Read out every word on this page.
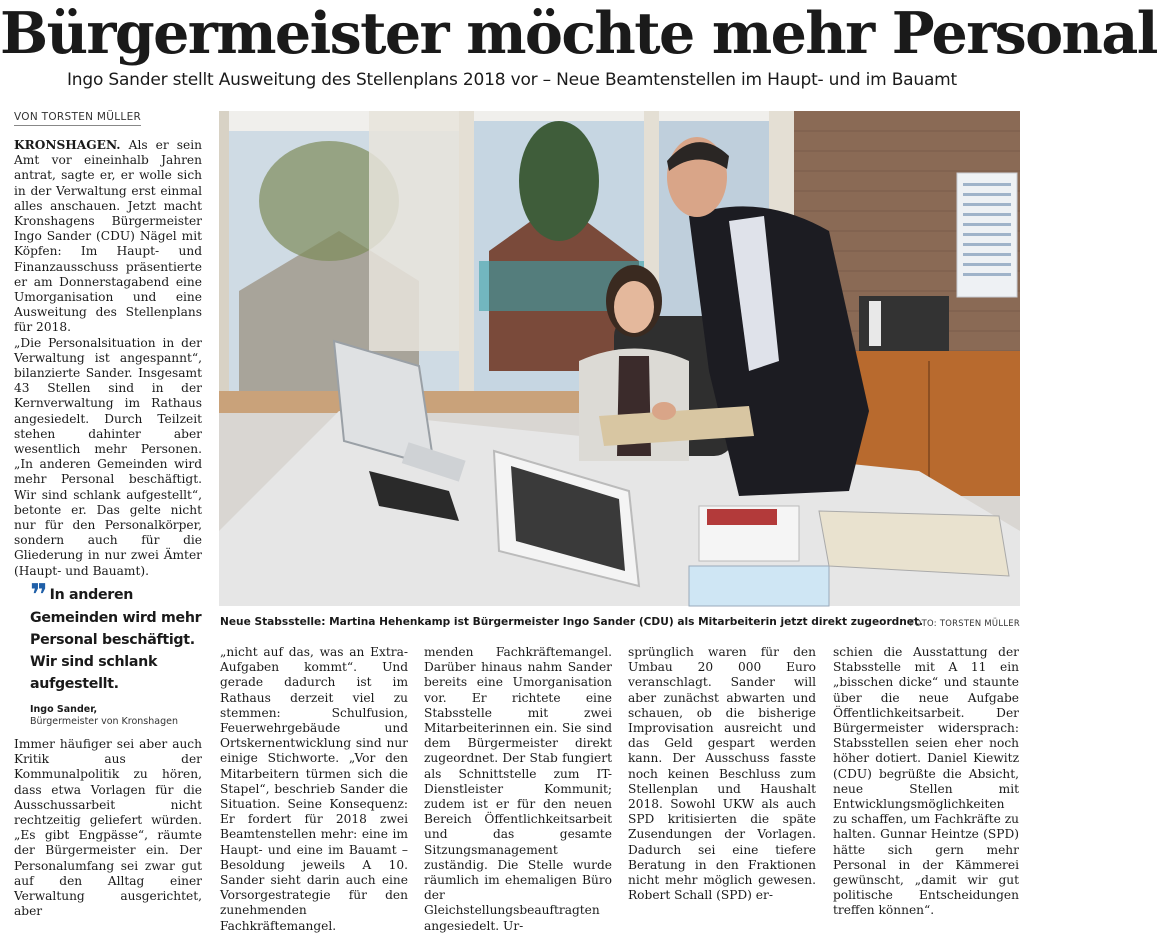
Bürgermeister möchte mehr Personal
Ingo Sander stellt Ausweitung des Stellenplans 2018 vor – Neue Beamtenstellen im Haupt- und im Bauamt
VON TORSTEN MÜLLER

KRONSHAGEN. Als er sein Amt vor eineinhalb Jahren antrat, sagte er, er wolle sich in der Verwaltung erst einmal alles anschauen. Jetzt macht Kronshagens Bürgermeister Ingo Sander (CDU) Nägel mit Köpfen: Im Haupt- und Finanzausschuss präsentierte er am Donnerstagabend eine Umorganisation und eine Ausweitung des Stellenplans für 2018.

„Die Personalsituation in der Verwaltung ist angespannt“, bilanzierte Sander. Insgesamt 43 Stellen sind in der Kernverwaltung im Rathaus angesiedelt. Durch Teilzeit stehen dahinter aber wesentlich mehr Personen. „In anderen Gemeinden wird mehr Personal beschäftigt. Wir sind schlank aufgestellt“, betonte er. Das gelte nicht nur für den Personalkörper, sondern auch für die Gliederung in nur zwei Ämter (Haupt- und Bauamt).

❞ In anderen Gemeinden wird mehr Personal beschäftigt. Wir sind schlank aufgestellt.
Ingo Sander,
Bürgermeister von Kronshagen

Immer häufiger sei aber auch Kritik aus der Kommunalpolitik zu hören, dass etwa Vorlagen für die Ausschussarbeit nicht rechtzeitig geliefert würden. „Es gibt Engpässe“, räumte der Bürgermeister ein. Der Personalumfang sei zwar gut auf den Alltag einer Verwaltung ausgerichtet, aber

„nicht auf das, was an Extra-Aufgaben kommt“. Und gerade dadurch ist im Rathaus derzeit viel zu stemmen: Schulfusion, Feuerwehrgebäude und Ortskernentwicklung sind nur einige Stichworte. „Vor den Mitarbeitern türmen sich die Stapel“, beschrieb Sander die Situation. Seine Konsequenz: Er fordert für 2018 zwei Beamtenstellen mehr: eine im Haupt- und eine im Bauamt – Besoldung jeweils A 10. Sander sieht darin auch eine Vorsorgestrategie für den zunehmenden Fachkräftemangel.

menden Fachkräftemangel. Darüber hinaus nahm Sander bereits eine Umorganisation vor. Er richtete eine Stabsstelle mit zwei Mitarbeiterinnen ein. Sie sind dem Bürgermeister direkt zugeordnet. Der Stab fungiert als Schnittstelle zum IT-Dienstleister Kommunit; zudem ist er für den neuen Bereich Öffentlichkeitsarbeit und das gesamte Sitzungsmanagement zuständig. Die Stelle wurde räumlich im ehemaligen Büro der Gleichstellungsbeauftragten angesiedelt. Ur-

sprünglich waren für den Umbau 20 000 Euro veranschlagt. Sander will aber zunächst abwarten und schauen, ob die bisherige Improvisation ausreicht und das Geld gespart werden kann. Der Ausschuss fasste noch keinen Beschluss zum Stellenplan und Haushalt 2018. Sowohl UKW als auch SPD kritisierten die späte Zusendungen der Vorlagen. Dadurch sei eine tiefere Beratung in den Fraktionen nicht mehr möglich gewesen. Robert Schall (SPD) er-

schien die Ausstattung der Stabsstelle mit A 11 ein „bisschen dicke“ und staunte über die neue Aufgabe Öffentlichkeitsarbeit. Der Bürgermeister widersprach: Stabsstellen seien eher noch höher dotiert. Daniel Kiewitz (CDU) begrüßte die Absicht, neue Stellen mit Entwicklungsmöglichkeiten zu schaffen, um Fachkräfte zu halten. Gunnar Heintze (SPD) hätte sich gern mehr Personal in der Kämmerei gewünscht, „damit wir gut politische Entscheidungen treffen können“.

Neue Stabsstelle: Martina Hehenkamp ist Bürgermeister Ingo Sander (CDU) als Mitarbeiterin jetzt direkt zugeordnet.
FOTO: TORSTEN MÜLLER
